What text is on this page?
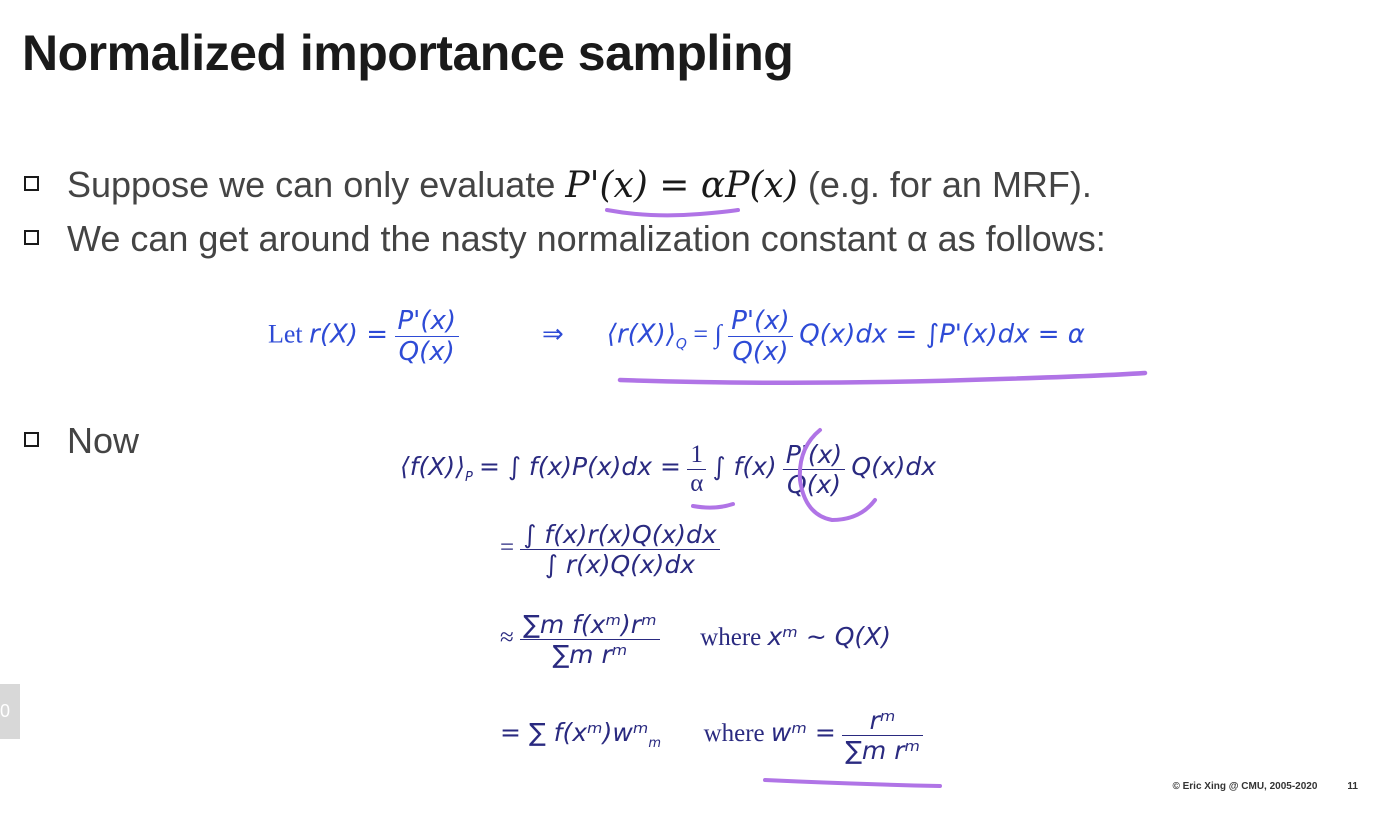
Normalized importance sampling
Suppose we can only evaluate P'(x) = αP(x) (e.g. for an MRF).
We can get around the nasty normalization constant α as follows:
Now
Let $r(X) = \frac{P'(x)}{Q(x)}$	⇒ $⟨r(X)⟩_Q$ = ∫ $\frac{P'(x)}{Q(x)} Q(x)dx = \int P'(x)dx = \alpha$
$⟨f(X)⟩_P$ = ∫ $f(x)P(x)dx = \frac{1}{\alpha}$ ∫ $f(x) \frac{P'(x)}{Q(x)} Q(x)dx$
= $\frac{\int f(x)r(x)Q(x)dx}{\int r(x)Q(x)dx}$
≈ $\frac{\text{∑m f(xᵐ)rᵐ}}{\text{∑m rᵐ}}$ where xᵐ ~ Q(X)
= ∑ f(xᵐ)wᵐ$_m$ where wᵐ = $\frac{\text{rᵐ}}{\text{∑m rᵐ}}$
0
© Eric Xing @ CMU, 2005-2020	11
